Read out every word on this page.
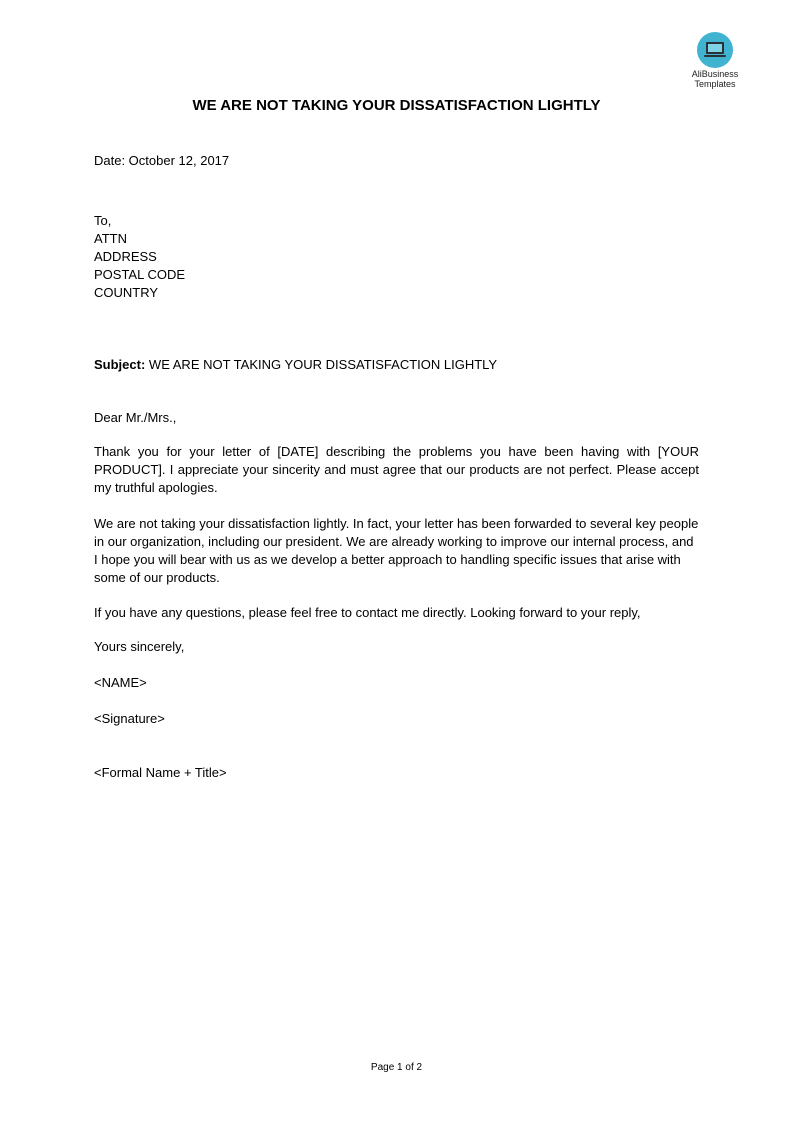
AliBusiness
Templates
WE ARE NOT TAKING YOUR DISSATISFACTION LIGHTLY
Date: October 12, 2017
To,
ATTN
ADDRESS
POSTAL CODE
COUNTRY
Subject: WE ARE NOT TAKING YOUR DISSATISFACTION LIGHTLY
Dear Mr./Mrs.,
Thank you for your letter of [DATE] describing the problems you have been having with [YOUR PRODUCT]. I appreciate your sincerity and must agree that our products are not perfect. Please accept my truthful apologies.
We are not taking your dissatisfaction lightly. In fact, your letter has been forwarded to several key people in our organization, including our president. We are already working to improve our internal process, and I hope you will bear with us as we develop a better approach to handling specific issues that arise with some of our products.
If you have any questions, please feel free to contact me directly. Looking forward to your reply,
Yours sincerely,
<NAME>
<Signature>
<Formal Name + Title>
Page 1 of 2
